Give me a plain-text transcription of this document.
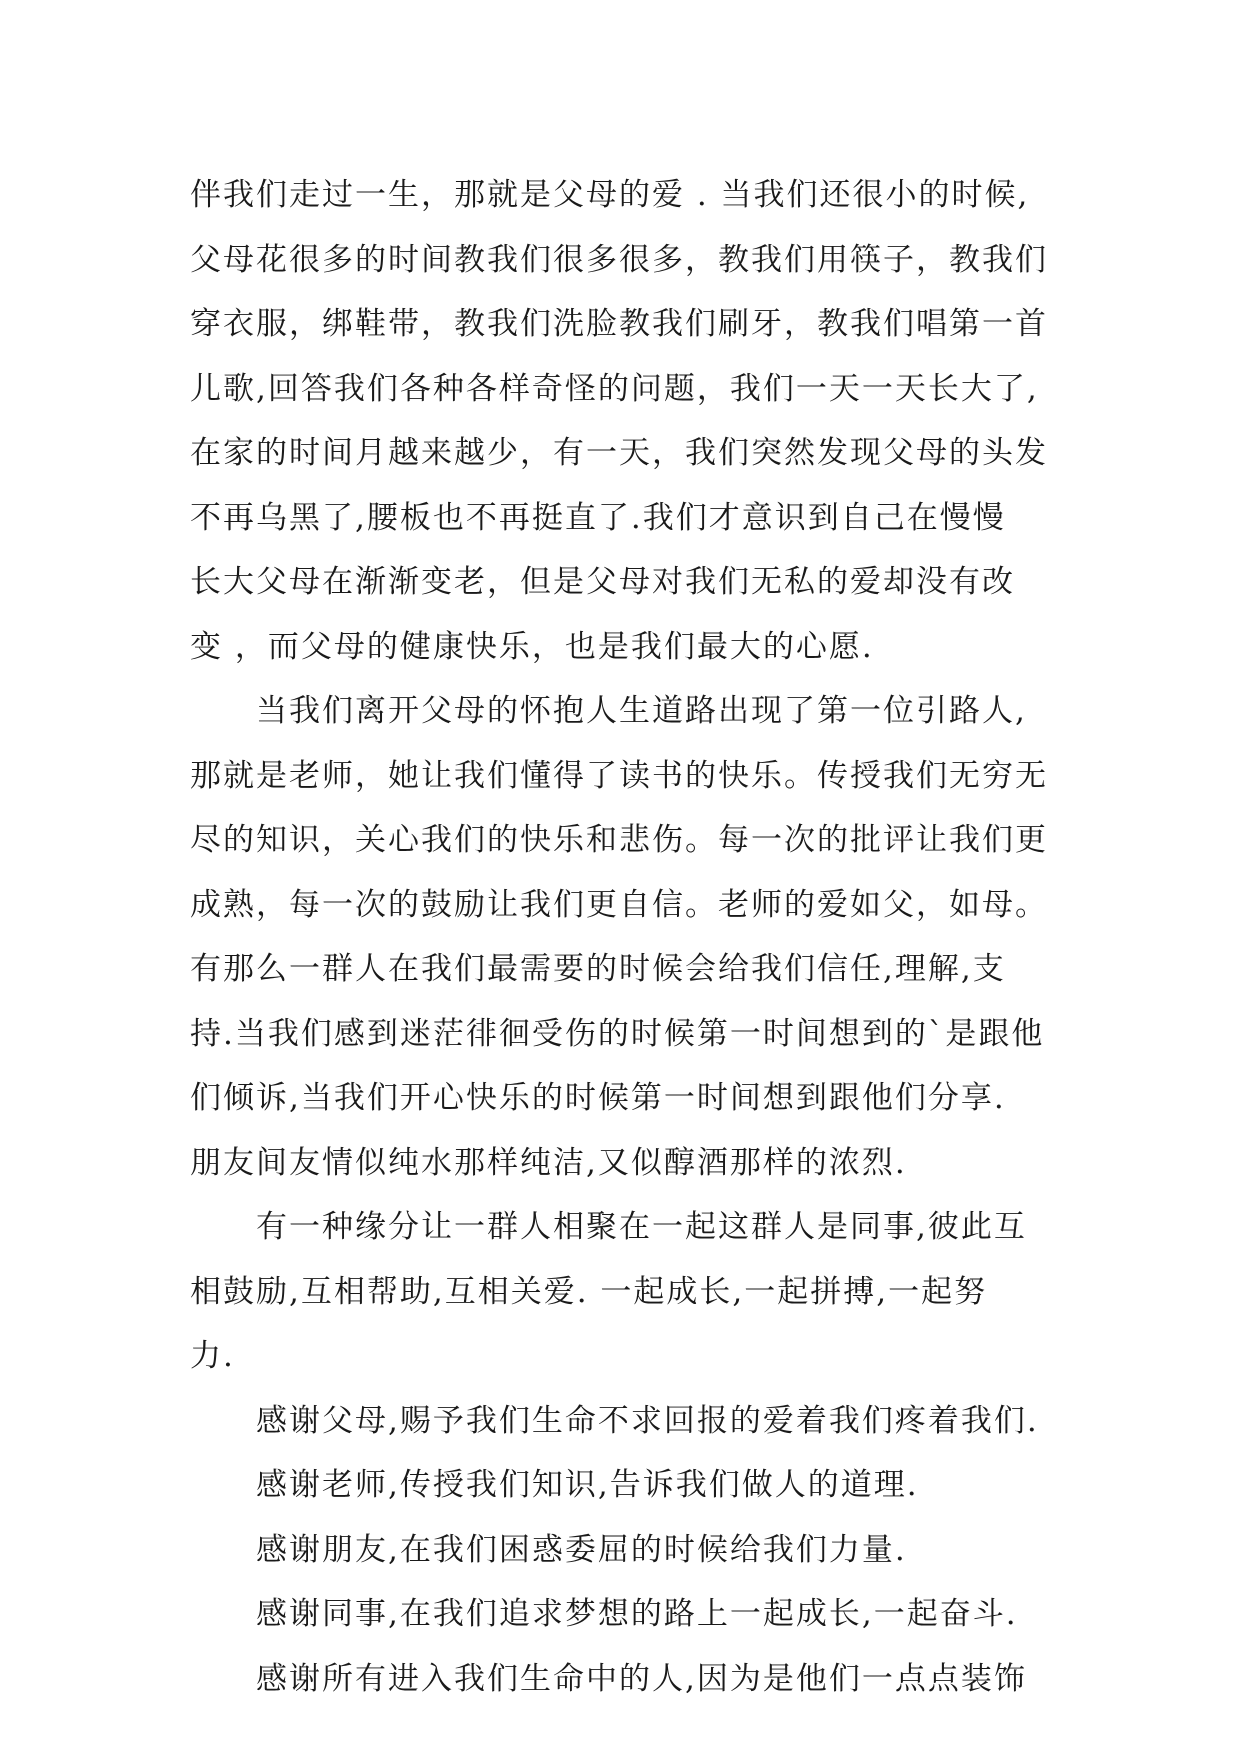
伴我们走过一生，那就是父母的爱 . 当我们还很小的时候,
父母花很多的时间教我们很多很多，教我们用筷子，教我们
穿衣服，绑鞋带，教我们洗脸教我们刷牙，教我们唱第一首
儿歌,回答我们各种各样奇怪的问题，我们一天一天长大了,
在家的时间月越来越少，有一天，我们突然发现父母的头发
不再乌黑了,腰板也不再挺直了.我们才意识到自己在慢慢
长大父母在渐渐变老，但是父母对我们无私的爱却没有改
变 ，而父母的健康快乐，也是我们最大的心愿.
当我们离开父母的怀抱人生道路出现了第一位引路人,
那就是老师，她让我们懂得了读书的快乐。传授我们无穷无
尽的知识，关心我们的快乐和悲伤。每一次的批评让我们更
成熟，每一次的鼓励让我们更自信。老师的爱如父，如母。
有那么一群人在我们最需要的时候会给我们信任,理解,支
持.当我们感到迷茫徘徊受伤的时候第一时间想到的`是跟他
们倾诉,当我们开心快乐的时候第一时间想到跟他们分享.
朋友间友情似纯水那样纯洁,又似醇酒那样的浓烈.
有一种缘分让一群人相聚在一起这群人是同事,彼此互
相鼓励,互相帮助,互相关爱. 一起成长,一起拼搏,一起努
力.
感谢父母,赐予我们生命不求回报的爱着我们疼着我们.
感谢老师,传授我们知识,告诉我们做人的道理.
感谢朋友,在我们困惑委屈的时候给我们力量.
感谢同事,在我们追求梦想的路上一起成长,一起奋斗.
感谢所有进入我们生命中的人,因为是他们一点点装饰
